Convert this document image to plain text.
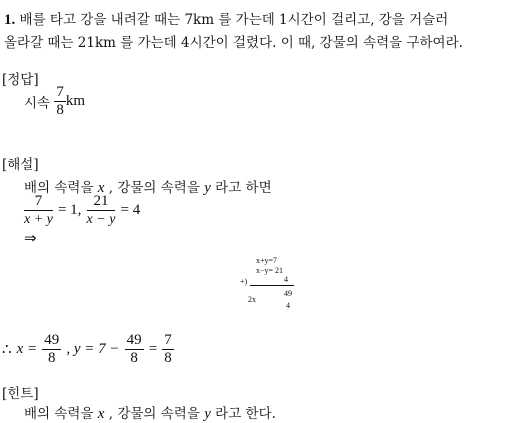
1. 배를 타고 강을 내려갈 때는 7km 를 가는데 1시간이 걸리고, 강을 거슬러
올라갈 때는 21km 를 가는데 4시간이 걸렸다. 이 때, 강물의 속력을 구하여라.
[정답]
시속 $\frac{7}{8}$ km
[해설]
배의 속력을 x , 강물의 속력을 y 라고 하면
$\frac{7}{x + y} = 1$, $\frac{21}{x - y} = 4$
⇒
x+y=7
x−y= 21
4
+)
2x
49
4
∴ $x = \frac{49}{8}$ , $y = 7 - \frac{49}{8} = \frac{7}{8}$
[힌트]
배의 속력을 x , 강물의 속력을 y 라고 한다.
